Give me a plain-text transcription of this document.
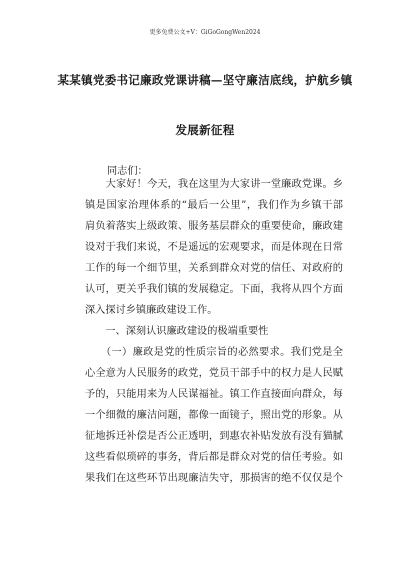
更多免费公文+V：GiGoGongWen2024
某某镇党委书记廉政党课讲稿—坚守廉洁底线，护航乡镇
发展新征程
同志们：

　　大家好！今天，我在这里为大家讲一堂廉政党课。乡

镇是国家治理体系的“最后一公里”，我们作为乡镇干部

肩负着落实上级政策、服务基层群众的重要使命，廉政建

设对于我们来说，不是遥远的宏观要求，而是体现在日常

工作的每一个细节里，关系到群众对党的信任、对政府的

认可，更关乎我们镇的发展稳定。下面，我将从四个方面

深入探讨乡镇廉政建设工作。

　　一、深刻认识廉政建设的极端重要性

　　（一）廉政是党的性质宗旨的必然要求。我们党是全

心全意为人民服务的政党，党员干部手中的权力是人民赋

予的，只能用来为人民谋福祉。镇工作直接面向群众，每

一个细微的廉洁问题，都像一面镜子，照出党的形象。从

征地拆迁补偿是否公正透明，到惠农补贴发放有没有猫腻

这些看似琐碎的事务，背后都是群众对党的信任考验。如

果我们在这些环节出现廉洁失守，那损害的绝不仅仅是个
